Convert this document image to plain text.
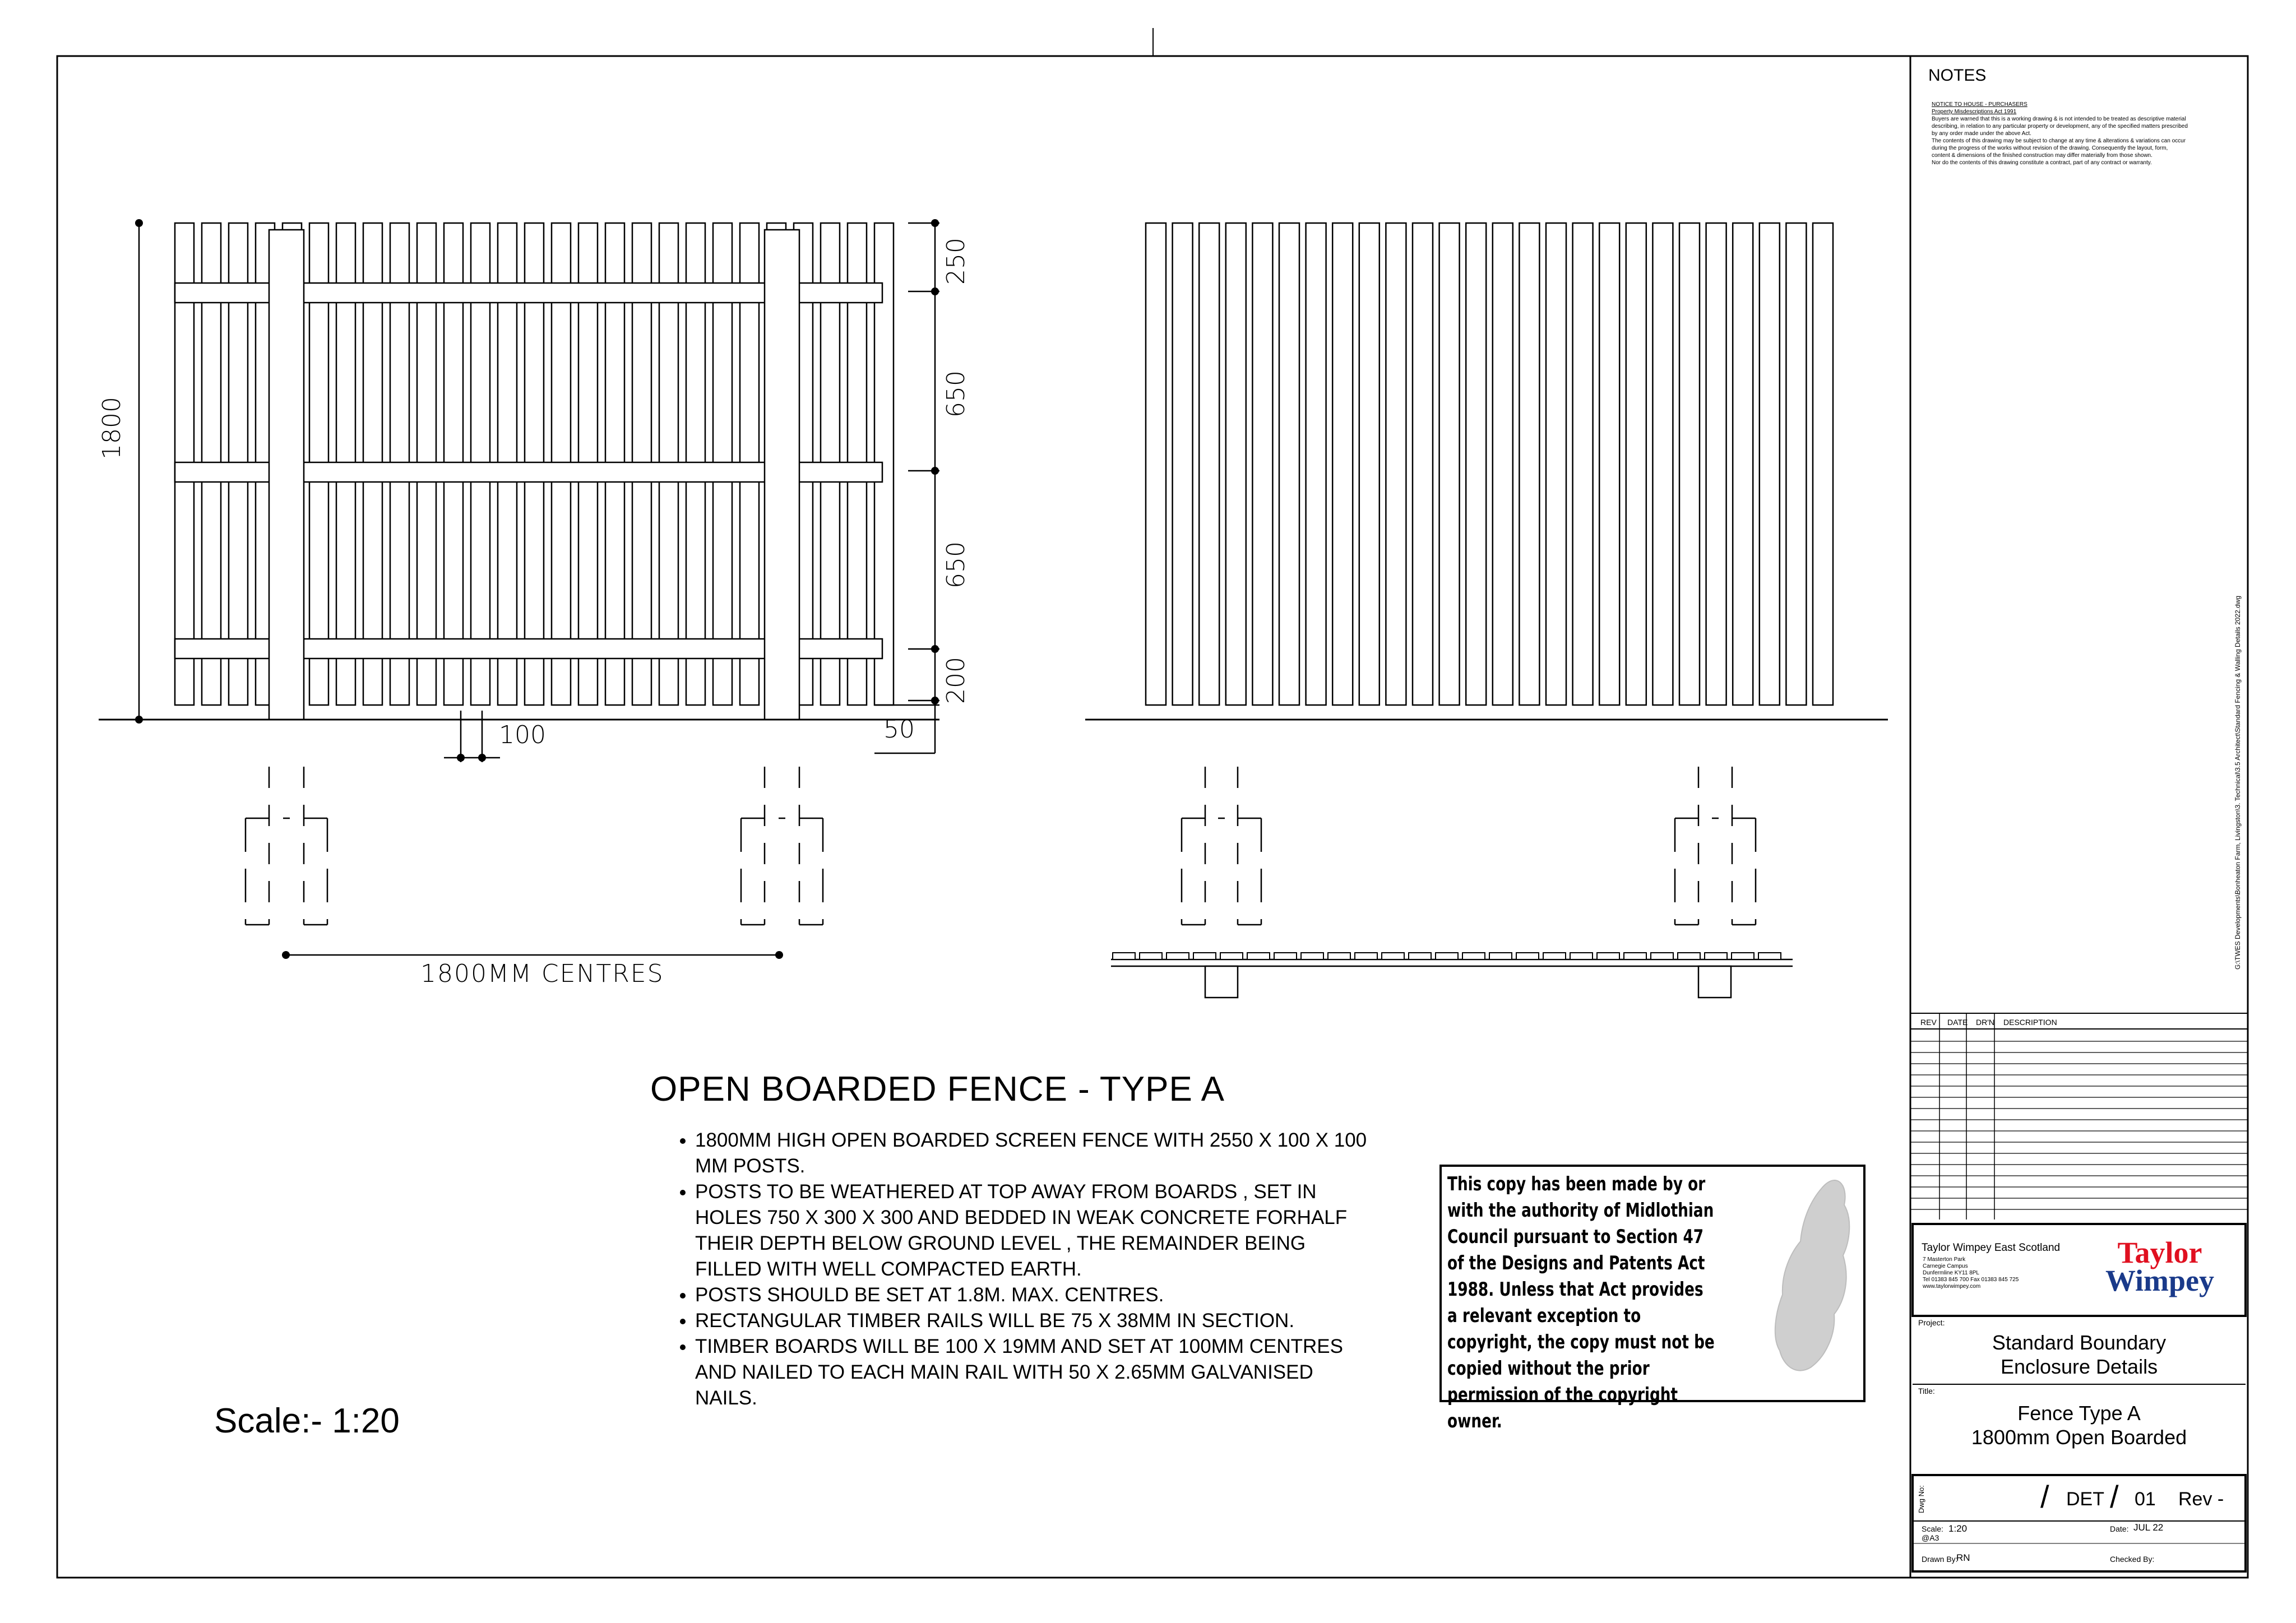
1800
250
650
650
200
100	50
1800MM CENTRES
NOTES
NOTICE TO HOUSE - PURCHASERS
Property Misdescriptions Act 1991
Buyers are warned that this is a working drawing & is not intended to be treated as descriptive material
describing, in relation to any particular property or development, any of the specified matters prescribed
by any order made under the above Act.
The contents of this drawing may be subject to change at any time & alterations & variations can occur
during the progress of the works without revision of the drawing. Consequently the layout, form,
content & dimensions of the finished construction may differ materially from those shown.
Nor do the contents of this drawing constitute a contract, part of any contract or warranty.
G:\TWES Developments\Bonheaton Farm, Livingston\3. Technical\3.5 Architect\Standard Fencing & Walling Details 2022.dwg
OPEN BOARDED FENCE - TYPE A
• 1800MM HIGH OPEN BOARDED SCREEN FENCE WITH 2550 X 100 X 100 MM POSTS.
• POSTS TO BE WEATHERED AT TOP AWAY FROM BOARDS , SET IN HOLES 750 X 300 X 300 AND BEDDED IN WEAK CONCRETE FORHALF THEIR DEPTH BELOW GROUND LEVEL , THE REMAINDER BEING FILLED WITH WELL COMPACTED EARTH.
• POSTS SHOULD BE SET AT 1.8M. MAX. CENTRES.
• RECTANGULAR TIMBER RAILS WILL BE 75 X 38MM IN SECTION.
• TIMBER BOARDS WILL BE 100 X 19MM AND SET AT 100MM CENTRES AND NAILED TO EACH MAIN RAIL WITH 50 X 2.65MM GALVANISED NAILS.
Scale:- 1:20
This copy has been made by or with the authority of Midlothian Council pursuant to Section 47 of the Designs and Patents Act 1988. Unless that Act provides a relevant exception to copyright, the copy must not be copied without the prior permission of the copyright owner.
REV DATE DR'N DESCRIPTION
Taylor Wimpey East Scotland
7 Masterton Park
Carnegie Campus
Dunfermline KY11 8PL
Tel 01383 845 700 Fax 01383 845 725
www.taylorwimpey.com
Taylor
Wimpey
Project:
Standard Boundary
Enclosure Details
Title:
Fence Type A
1800mm Open Boarded
Dwg No:	/ DET / 01 Rev -
Scale: 1:20
@A3
Date: JUL 22
Drawn By:
RN	Checked By:
